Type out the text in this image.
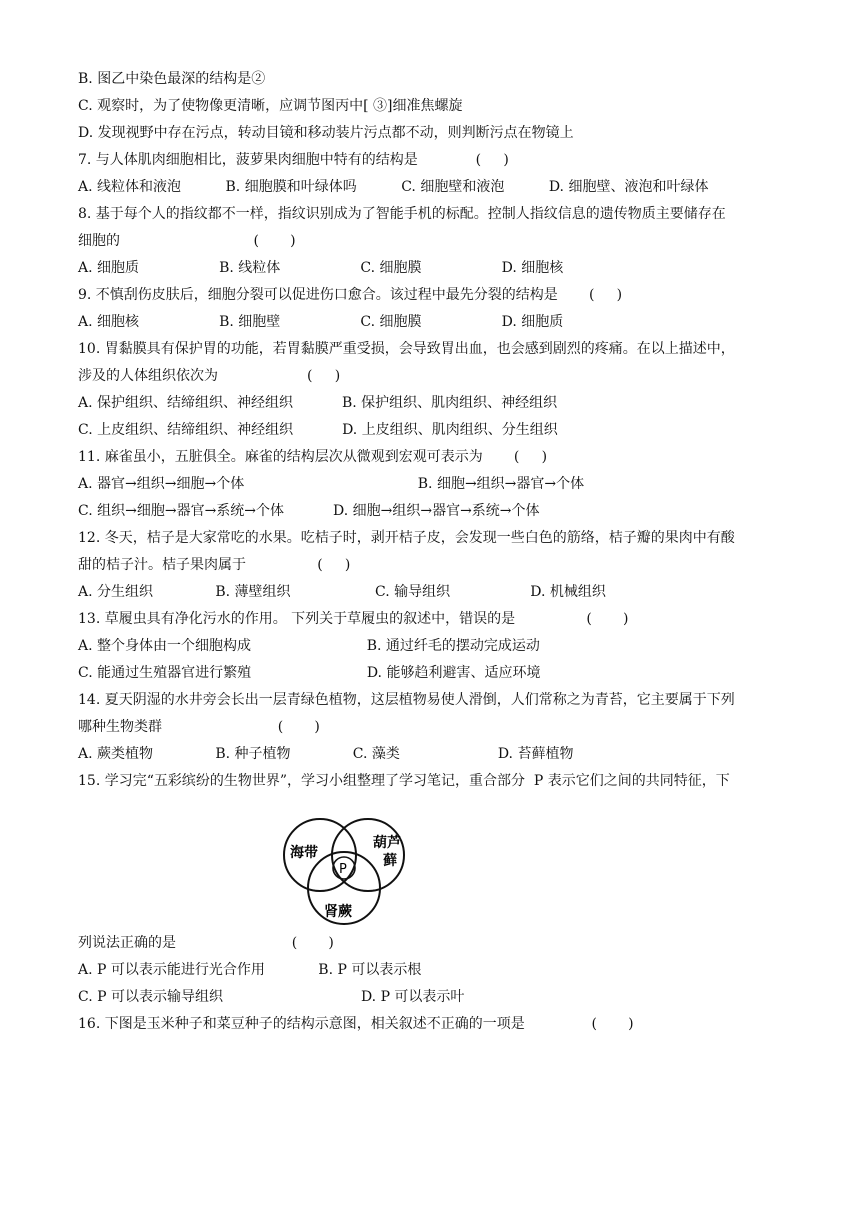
B. 图乙中染色最深的结构是②
C. 观察时，为了使物像更清晰，应调节图丙中[ ③]细准焦螺旋
D. 发现视野中存在污点，转动目镜和移动装片污点都不动，则判断污点在物镜上
7. 与人体肌肉细胞相比，菠萝果肉细胞中特有的结构是             (     )
A. 线粒体和液泡          B. 细胞膜和叶绿体吗          C. 细胞壁和液泡          D. 细胞壁、液泡和叶绿体
8. 基于每个人的指纹都不一样，指纹识别成为了智能手机的标配。控制人指纹信息的遗传物质主要储存在
细胞的                              (       )
A. 细胞质                  B. 线粒体                  C. 细胞膜                  D. 细胞核
9. 不慎刮伤皮肤后，细胞分裂可以促进伤口愈合。该过程中最先分裂的结构是       (     )
A. 细胞核                  B. 细胞壁                  C. 细胞膜                  D. 细胞质
10. 胃黏膜具有保护胃的功能，若胃黏膜严重受损，会导致胃出血，也会感到剧烈的疼痛。在以上描述中，
涉及的人体组织依次为                    (     )
A. 保护组织、结缔组织、神经组织           B. 保护组织、肌肉组织、神经组织
C. 上皮组织、结缔组织、神经组织           D. 上皮组织、肌肉组织、分生组织
11. 麻雀虽小，五脏俱全。麻雀的结构层次从微观到宏观可表示为       (     )
A. 器官→组织→细胞→个体                                       B. 细胞→组织→器官→个体
C. 组织→细胞→器官→系统→个体           D. 细胞→组织→器官→系统→个体
12. 冬天，桔子是大家常吃的水果。吃桔子时，剥开桔子皮，会发现一些白色的筋络，桔子瓣的果肉中有酸
甜的桔子汁。桔子果肉属于                (     )
A. 分生组织              B. 薄壁组织                   C. 输导组织                  D. 机械组织
13. 草履虫具有净化污水的作用。 下列关于草履虫的叙述中，错误的是                (       )
A. 整个身体由一个细胞构成                          B. 通过纤毛的摆动完成运动
C. 能通过生殖器官进行繁殖                          D. 能够趋利避害、适应环境
14. 夏天阴湿的水井旁会长出一层青绿色植物，这层植物易使人滑倒，人们常称之为青苔，它主要属于下列
哪种生物类群                          (       )
A. 蕨类植物              B. 种子植物              C. 藻类                      D. 苔藓植物
15. 学习完“五彩缤纷的生物世界”，学习小组整理了学习笔记，重合部分  P 表示它们之间的共同特征，下
海带
葫芦
藓
肾蕨
P
列说法正确的是                          (       )
A. P 可以表示能进行光合作用            B. P 可以表示根
C. P 可以表示输导组织                               D. P 可以表示叶
16. 下图是玉米种子和菜豆种子的结构示意图，相关叙述不正确的一项是               (       )
